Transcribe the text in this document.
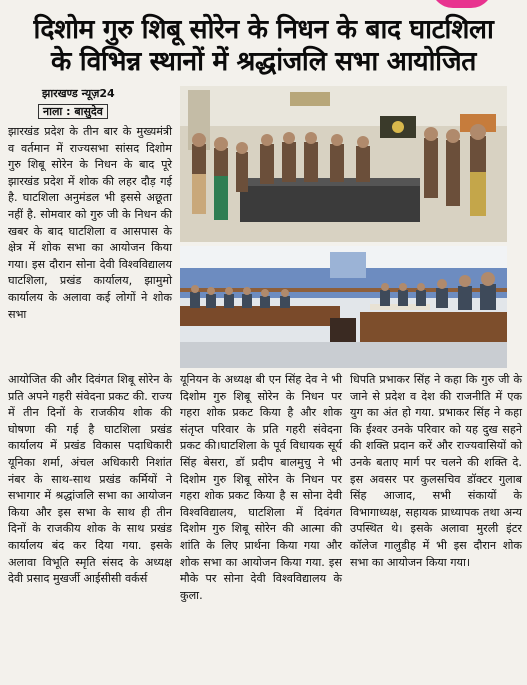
दिशोम गुरु शिबू सोरेन के निधन के बाद घाटशिला
के विभिन्न स्थानों में श्रद्धांजलि सभा आयोजित
झारखण्ड न्यूज़24
नाला : बासुदेव
झारखंड प्रदेश के तीन बार के मुख्यमंत्री व वर्तमान में राज्यसभा सांसद दिशोम गुरु शिबू सोरेन के निधन के बाद पूरे झारखंड प्रदेश में शोक की लहर दौड़ गई है. घाटशिला अनुमंडल भी इससे अछूता नहीं है. सोमवार को गुरु जी के निधन की खबर के बाद घाटशिला व आसपास के क्षेत्र में शोक सभा का आयोजन किया गया। इस दौरान सोना देवी विश्वविद्यालय घाटशिला, प्रखंड कार्यालय, झामुमो कार्यालय के अलावा कई लोगों ने शोक सभा
आयोजित की और दिवंगत शिबू सोरेन के प्रति अपने गहरी संवेदना प्रकट की. राज्य में तीन दिनों के राजकीय शोक की घोषणा की गई है घाटशिला प्रखंड कार्यालय में प्रखंड विकास पदाधिकारी यूनिका शर्मा, अंचल अधिकारी निशांत नंबर के साथ-साथ प्रखंड कर्मियों ने सभागार में श्रद्धांजलि सभा का आयोजन किया और इस सभा के साथ ही तीन दिनों के राजकीय शोक के साथ प्रखंड कार्यालय बंद कर दिया गया. इसके अलावा विभूति स्मृति संसद के अध्यक्ष देवी प्रसाद मुखर्जी आईसीसी वर्कर्स
यूनियन के अध्यक्ष बी एन सिंह देव ने भी दिशोम गुरु शिबू सोरेन के निधन पर गहरा शोक प्रकट किया है और शोक संतृप्त परिवार के प्रति गहरी संवेदना प्रकट की।घाटशिला के पूर्व विधायक सूर्य सिंह बेसरा, डॉ प्रदीप बालमुचु ने भी दिशोम गुरु शिबू सोरेन के निधन पर गहरा शोक प्रकट किया है स सोना देवी विश्वविद्यालय, घाटशिला में दिवंगत दिशोम गुरु शिबू सोरेन की आत्मा की शांति के लिए प्रार्थना किया गया और शोक सभा का आयोजन किया गया. इस मौके पर सोना देवी विश्वविद्यालय के कुला.
धिपति प्रभाकर सिंह ने कहा कि गुरु जी के जाने से प्रदेश व देश की राजनीति में एक युग का अंत हो गया. प्रभाकर सिंह ने कहा कि ईश्वर उनके परिवार को यह दुख सहने की शक्ति प्रदान करें और राज्यवासियों को उनके बताए मार्ग पर चलने की शक्ति दे. इस अवसर पर कुलसचिव डॉक्टर गुलाब सिंह आजाद, सभी संकायों के विभागाध्यक्ष, सहायक प्राध्यापक तथा अन्य उपस्थित थे। इसके अलावा मुरली इंटर कॉलेज गालुडीह में भी इस दौरान शोक सभा का आयोजन किया गया।
